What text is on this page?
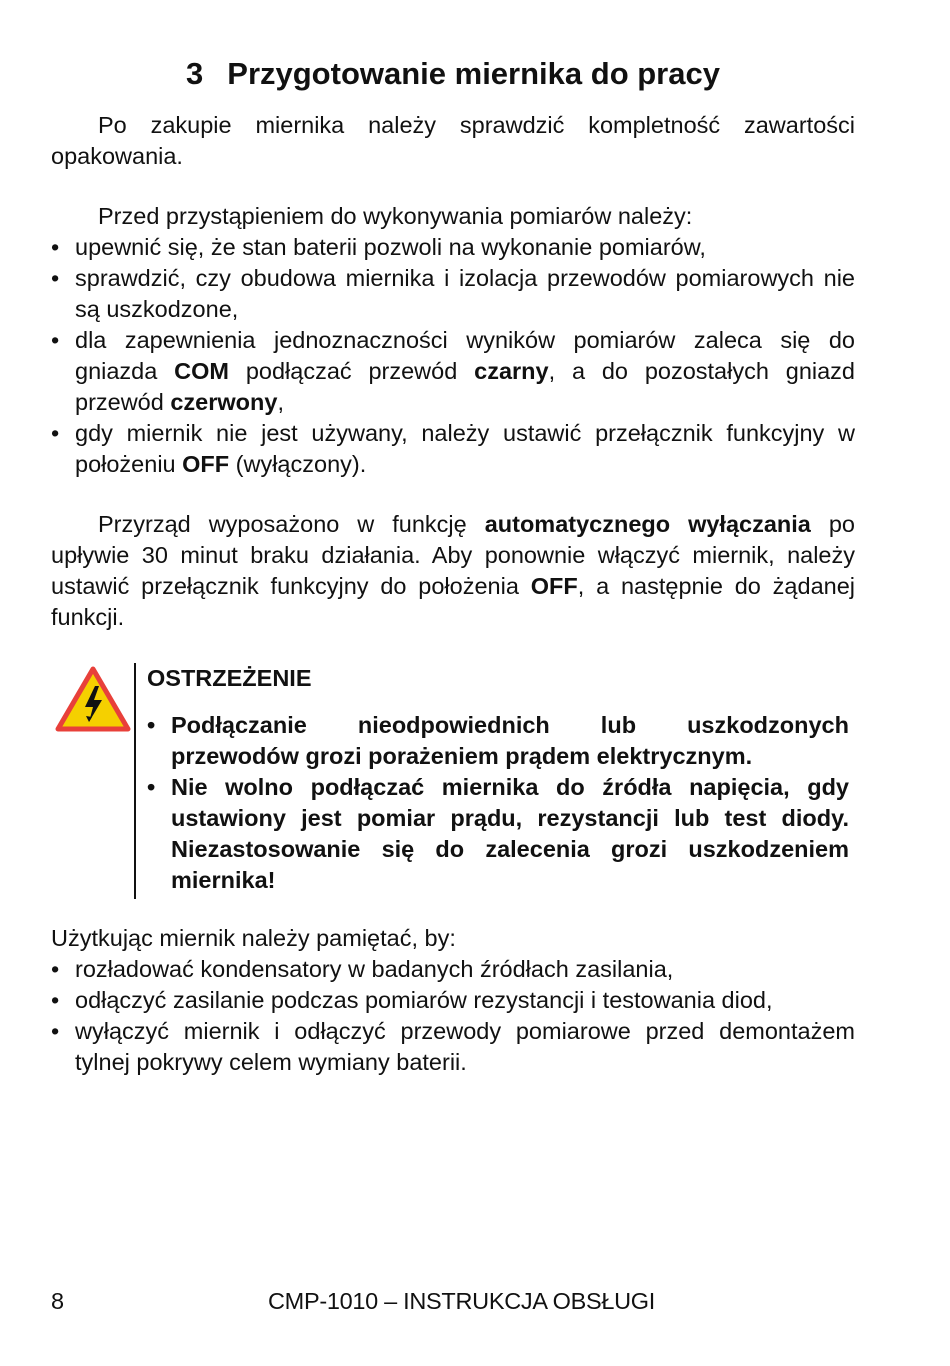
3 Przygotowanie miernika do pracy

Po zakupie miernika należy sprawdzić kompletność zawartości opakowania.

Przed przystąpieniem do wykonywania pomiarów należy:

• upewnić się, że stan baterii pozwoli na wykonanie pomiarów,
• sprawdzić, czy obudowa miernika i izolacja przewodów pomiarowych nie są uszkodzone,
• dla zapewnienia jednoznaczności wyników pomiarów zaleca się do gniazda COM podłączać przewód czarny, a do pozostałych gniazd przewód czerwony,
• gdy miernik nie jest używany, należy ustawić przełącznik funkcyjny w położeniu OFF (wyłączony).

Przyrząd wyposażono w funkcję automatycznego wyłączania po upływie 30 minut braku działania. Aby ponownie włączyć miernik, należy ustawić przełącznik funkcyjny do położenia OFF, a następnie do żądanej funkcji.

OSTRZEŻENIE

• Podłączanie nieodpowiednich lub uszkodzonych przewodów grozi porażeniem prądem elektrycznym.
• Nie wolno podłączać miernika do źródła napięcia, gdy ustawiony jest pomiar prądu, rezystancji lub test diody. Niezastosowanie się do zalecenia grozi uszkodzeniem miernika!

Użytkując miernik należy pamiętać, by:

• rozładować kondensatory w badanych źródłach zasilania,
• odłączyć zasilanie podczas pomiarów rezystancji i testowania diod,
• wyłączyć miernik i odłączyć przewody pomiarowe przed demontażem tylnej pokrywy celem wymiany baterii.
8	CMP-1010 – INSTRUKCJA OBSŁUGI
